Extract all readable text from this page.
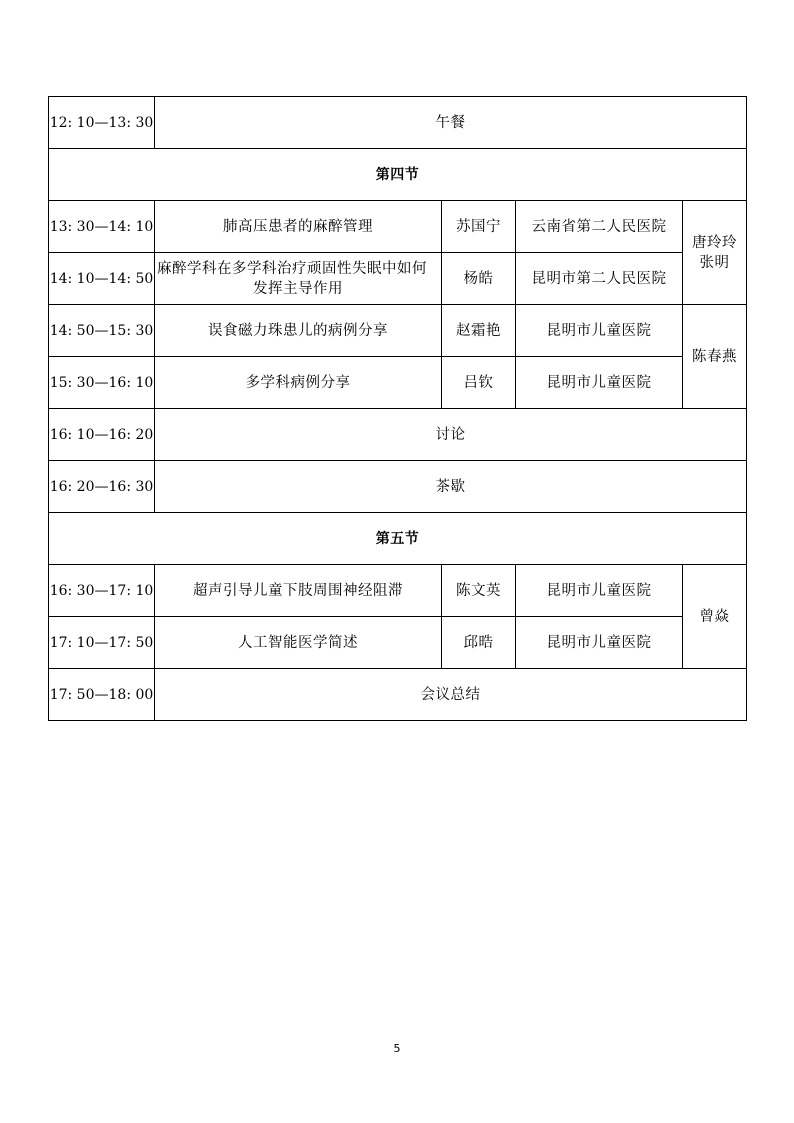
12: 10—13: 30	午餐			
第四节				
13: 30—14: 10	肺高压患者的麻醉管理	苏国宁	云南省第二人民医院	唐玲玲
张明
14: 10—14: 50	麻醉学科在多学科治疗顽固性失眠中如何
发挥主导作用	杨皓	昆明市第二人民医院	
14: 50—15: 30	误食磁力珠患儿的病例分享	赵霜艳	昆明市儿童医院	陈春燕
15: 30—16: 10	多学科病例分享	吕钦	昆明市儿童医院	
16: 10—16: 20	讨论			
16: 20—16: 30	茶歇			
第五节				
16: 30—17: 10	超声引导儿童下肢周围神经阻滞	陈文英	昆明市儿童医院	曾焱
17: 10—17: 50	人工智能医学简述	邱晧	昆明市儿童医院	
17: 50—18: 00	会议总结			
5
